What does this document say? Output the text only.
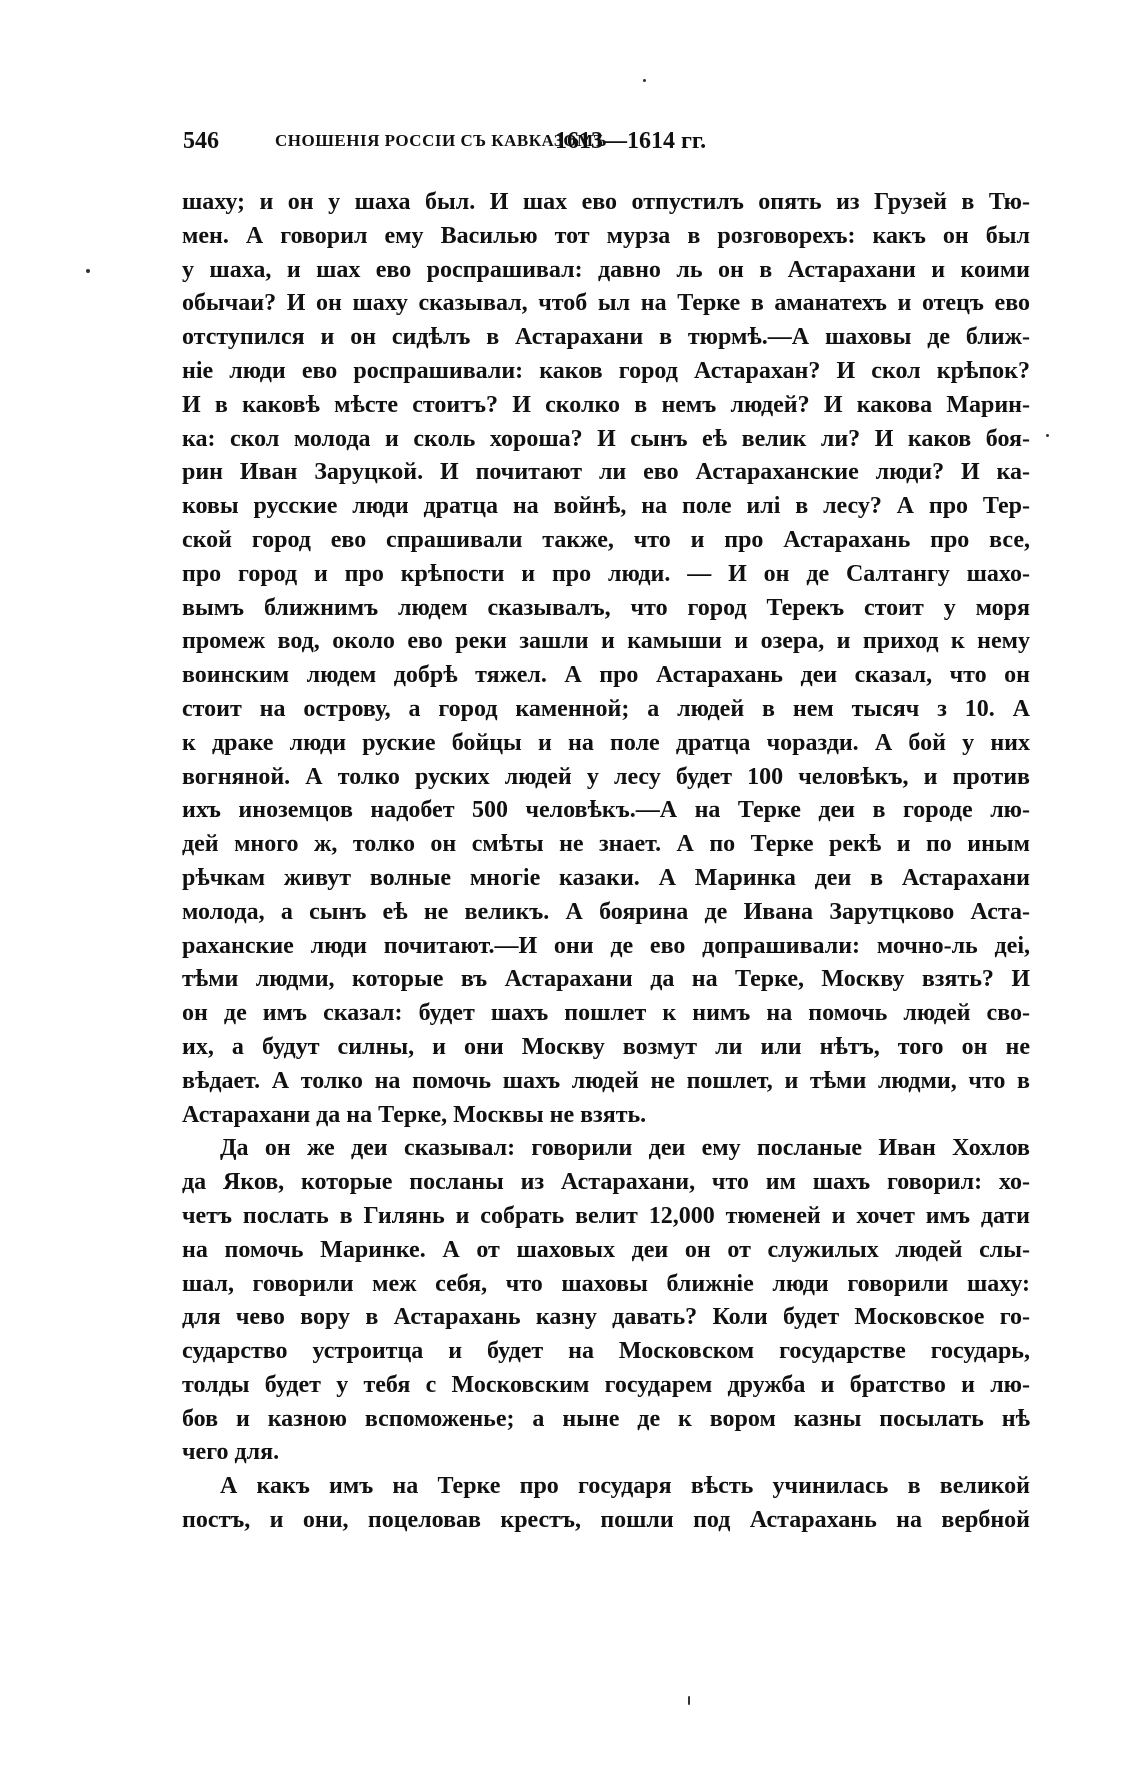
546	СНОШЕНIЯ РОССIИ СЪ КАВКАЗОМЪ
1613—1614 гг.
шаху; и он у шаха был. И шах ево отпустилъ опять из Грузей в Тю-
мен. А говорил ему Василью тот мурза в розговорехъ: какъ он был
у шаха, и шах ево роспрашивал: давно ль он в Астарахани и коими
обычаи? И он шаху сказывал, чтоб ыл на Терке в аманатехъ и отецъ ево
отступился и он сидѣлъ в Астарахани в тюрмѣ.—А шаховы де ближ-
нiе люди ево роспрашивали: каков город Астарахан? И скол крѣпок?
И в каковѣ мѣсте стоитъ? И сколко в немъ людей? И какова Марин-
ка: скол молода и сколь хороша? И сынъ еѣ велик ли? И каков боя-
рин Иван Заруцкой. И почитают ли ево Астараханские люди? И ка-
ковы русские люди дратца на войнѣ, на поле илi в лесу? А про Тер-
ской город ево спрашивали также, что и про Астарахань про все,
про город и про крѣпости и про люди. — И он де Салтангу шахо-
вымъ ближнимъ людем сказывалъ, что город Терекъ стоит у моря
промеж вод, около ево реки зашли и камыши и озера, и приход к нему
воинским людем добрѣ тяжел. А про Астарахань деи сказал, что он
стоит на острову, а город каменной; а людей в нем тысяч з 10. А
к драке люди руские бойцы и на поле дратца чоразди. А бой у них
вогняной. А толко руских людей у лесу будет 100 человѣкъ, и против
ихъ иноземцов надобет 500 человѣкъ.—А на Терке деи в городе лю-
дей много ж, толко он смѣты не знает. А по Терке рекѣ и по иным
рѣчкам живут волные многiе казаки. А Маринка деи в Астарахани
молода, а сынъ еѣ не великъ. А боярина де Ивана Зарутцково Аста-
раханские люди почитают.—И они де ево допрашивали: мочно-ль деi,
тѣми людми, которые въ Астарахани да на Терке, Москву взять? И
он де имъ сказал: будет шахъ пошлет к нимъ на помочь людей сво-
их, а будут силны, и они Москву возмут ли или нѣтъ, того он не
вѣдает. А толко на помочь шахъ людей не пошлет, и тѣми людми, что в
Астарахани да на Терке, Москвы не взять.
Да он же деи сказывал: говорили деи ему посланые Иван Хохлов
да Яков, которые посланы из Астарахани, что им шахъ говорил: хо-
четъ послать в Гилянь и собрать велит 12,000 тюменей и хочет имъ дати
на помочь Маринке. А от шаховых деи он от служилых людей слы-
шал, говорили меж себя, что шаховы ближнiе люди говорили шаху:
для чево вору в Астарахань казну давать? Коли будет Московское го-
сударство устроитца и будет на Московском государстве государь,
толды будет у тебя с Московским государем дружба и братство и лю-
бов и казною вспоможенье; а ныне де к вором казны посылать нѣ
чего для.
А какъ имъ на Терке про государя вѣсть учинилась в великой
постъ, и они, поцеловав крестъ, пошли под Астарахань на вербной
